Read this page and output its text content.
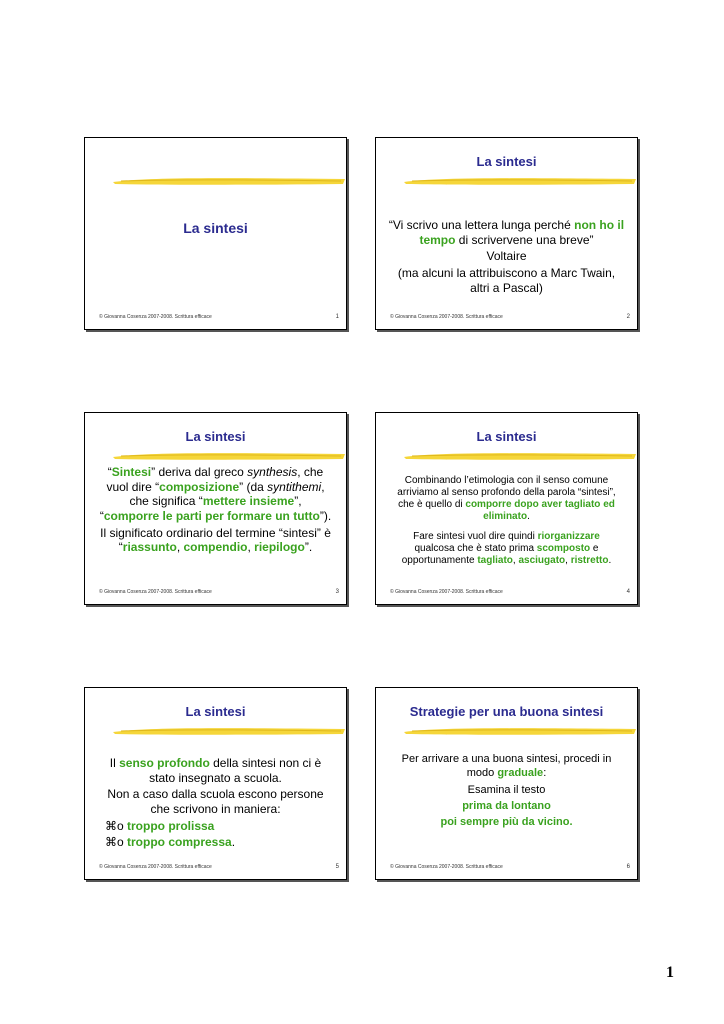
La sintesi
© Giovanna Cosenza 2007-2008. Scrittura efficace	1
La sintesi

“Vi scrivo una lettera lunga perché non ho il tempo di scrivervene una breve”

Voltaire

(ma alcuni la attribuiscono a Marc Twain, altri a Pascal)

© Giovanna Cosenza 2007-2008. Scrittura efficace	2
La sintesi

“Sintesi” deriva dal greco synthesis, che vuol dire “composizione” (da syntithemi, che significa “mettere insieme”, “comporre le parti per formare un tutto”).

Il significato ordinario del termine “sintesi” è “riassunto, compendio, riepilogo”.

© Giovanna Cosenza 2007-2008. Scrittura efficace	3
La sintesi

Combinando l’etimologia con il senso comune arriviamo al senso profondo della parola “sintesi”, che è quello di comporre dopo aver tagliato ed eliminato.

Fare sintesi vuol dire quindi riorganizzare qualcosa che è stato prima scomposto e opportunamente tagliato, asciugato, ristretto.

© Giovanna Cosenza 2007-2008. Scrittura efficace	4
La sintesi

Il senso profondo della sintesi non ci è stato insegnato a scuola.

Non a caso dalla scuola escono persone che scrivono in maniera:

⌘o troppo prolissa

⌘o troppo compressa.

© Giovanna Cosenza 2007-2008. Scrittura efficace	5
Strategie per una buona sintesi

Per arrivare a una buona sintesi, procedi in modo graduale:

Esamina il testo

prima da lontano

poi sempre più da vicino.

© Giovanna Cosenza 2007-2008. Scrittura efficace	6
1
